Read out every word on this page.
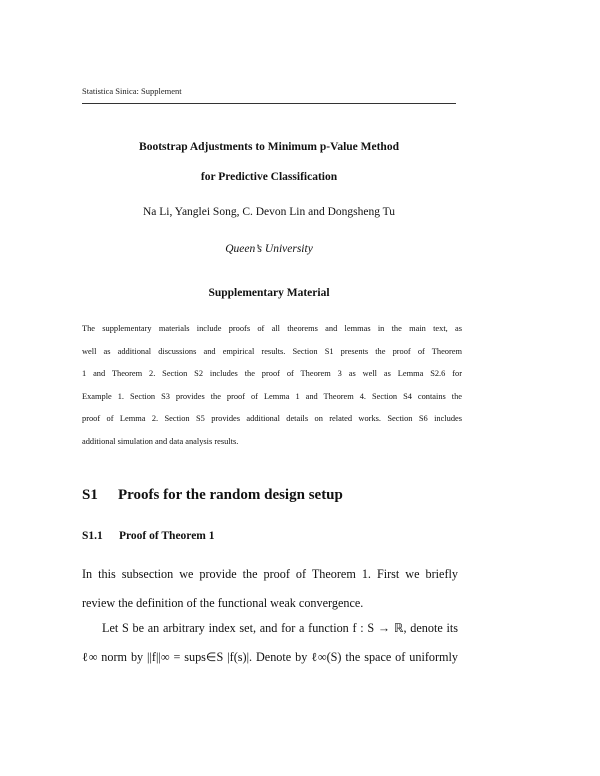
Statistica Sinica: Supplement
Bootstrap Adjustments to Minimum p-Value Method
for Predictive Classification
Na Li, Yanglei Song, C. Devon Lin and Dongsheng Tu
Queen’s University
Supplementary Material
The supplementary materials include proofs of all theorems and lemmas in the main text, as
well as additional discussions and empirical results. Section S1 presents the proof of Theorem
1 and Theorem 2. Section S2 includes the proof of Theorem 3 as well as Lemma S2.6 for
Example 1. Section S3 provides the proof of Lemma 1 and Theorem 4. Section S4 contains the
proof of Lemma 2. Section S5 provides additional details on related works. Section S6 includes
additional simulation and data analysis results.
S1 Proofs for the random design setup
S1.1 Proof of Theorem 1
In this subsection we provide the proof of Theorem 1. First we briefly
review the definition of the functional weak convergence.
Let S be an arbitrary index set, and for a function f : S → ℝ, denote its
ℓ∞ norm by ||f||∞ = sups∈S |f(s)|. Denote by ℓ∞(S) the space of uniformly
